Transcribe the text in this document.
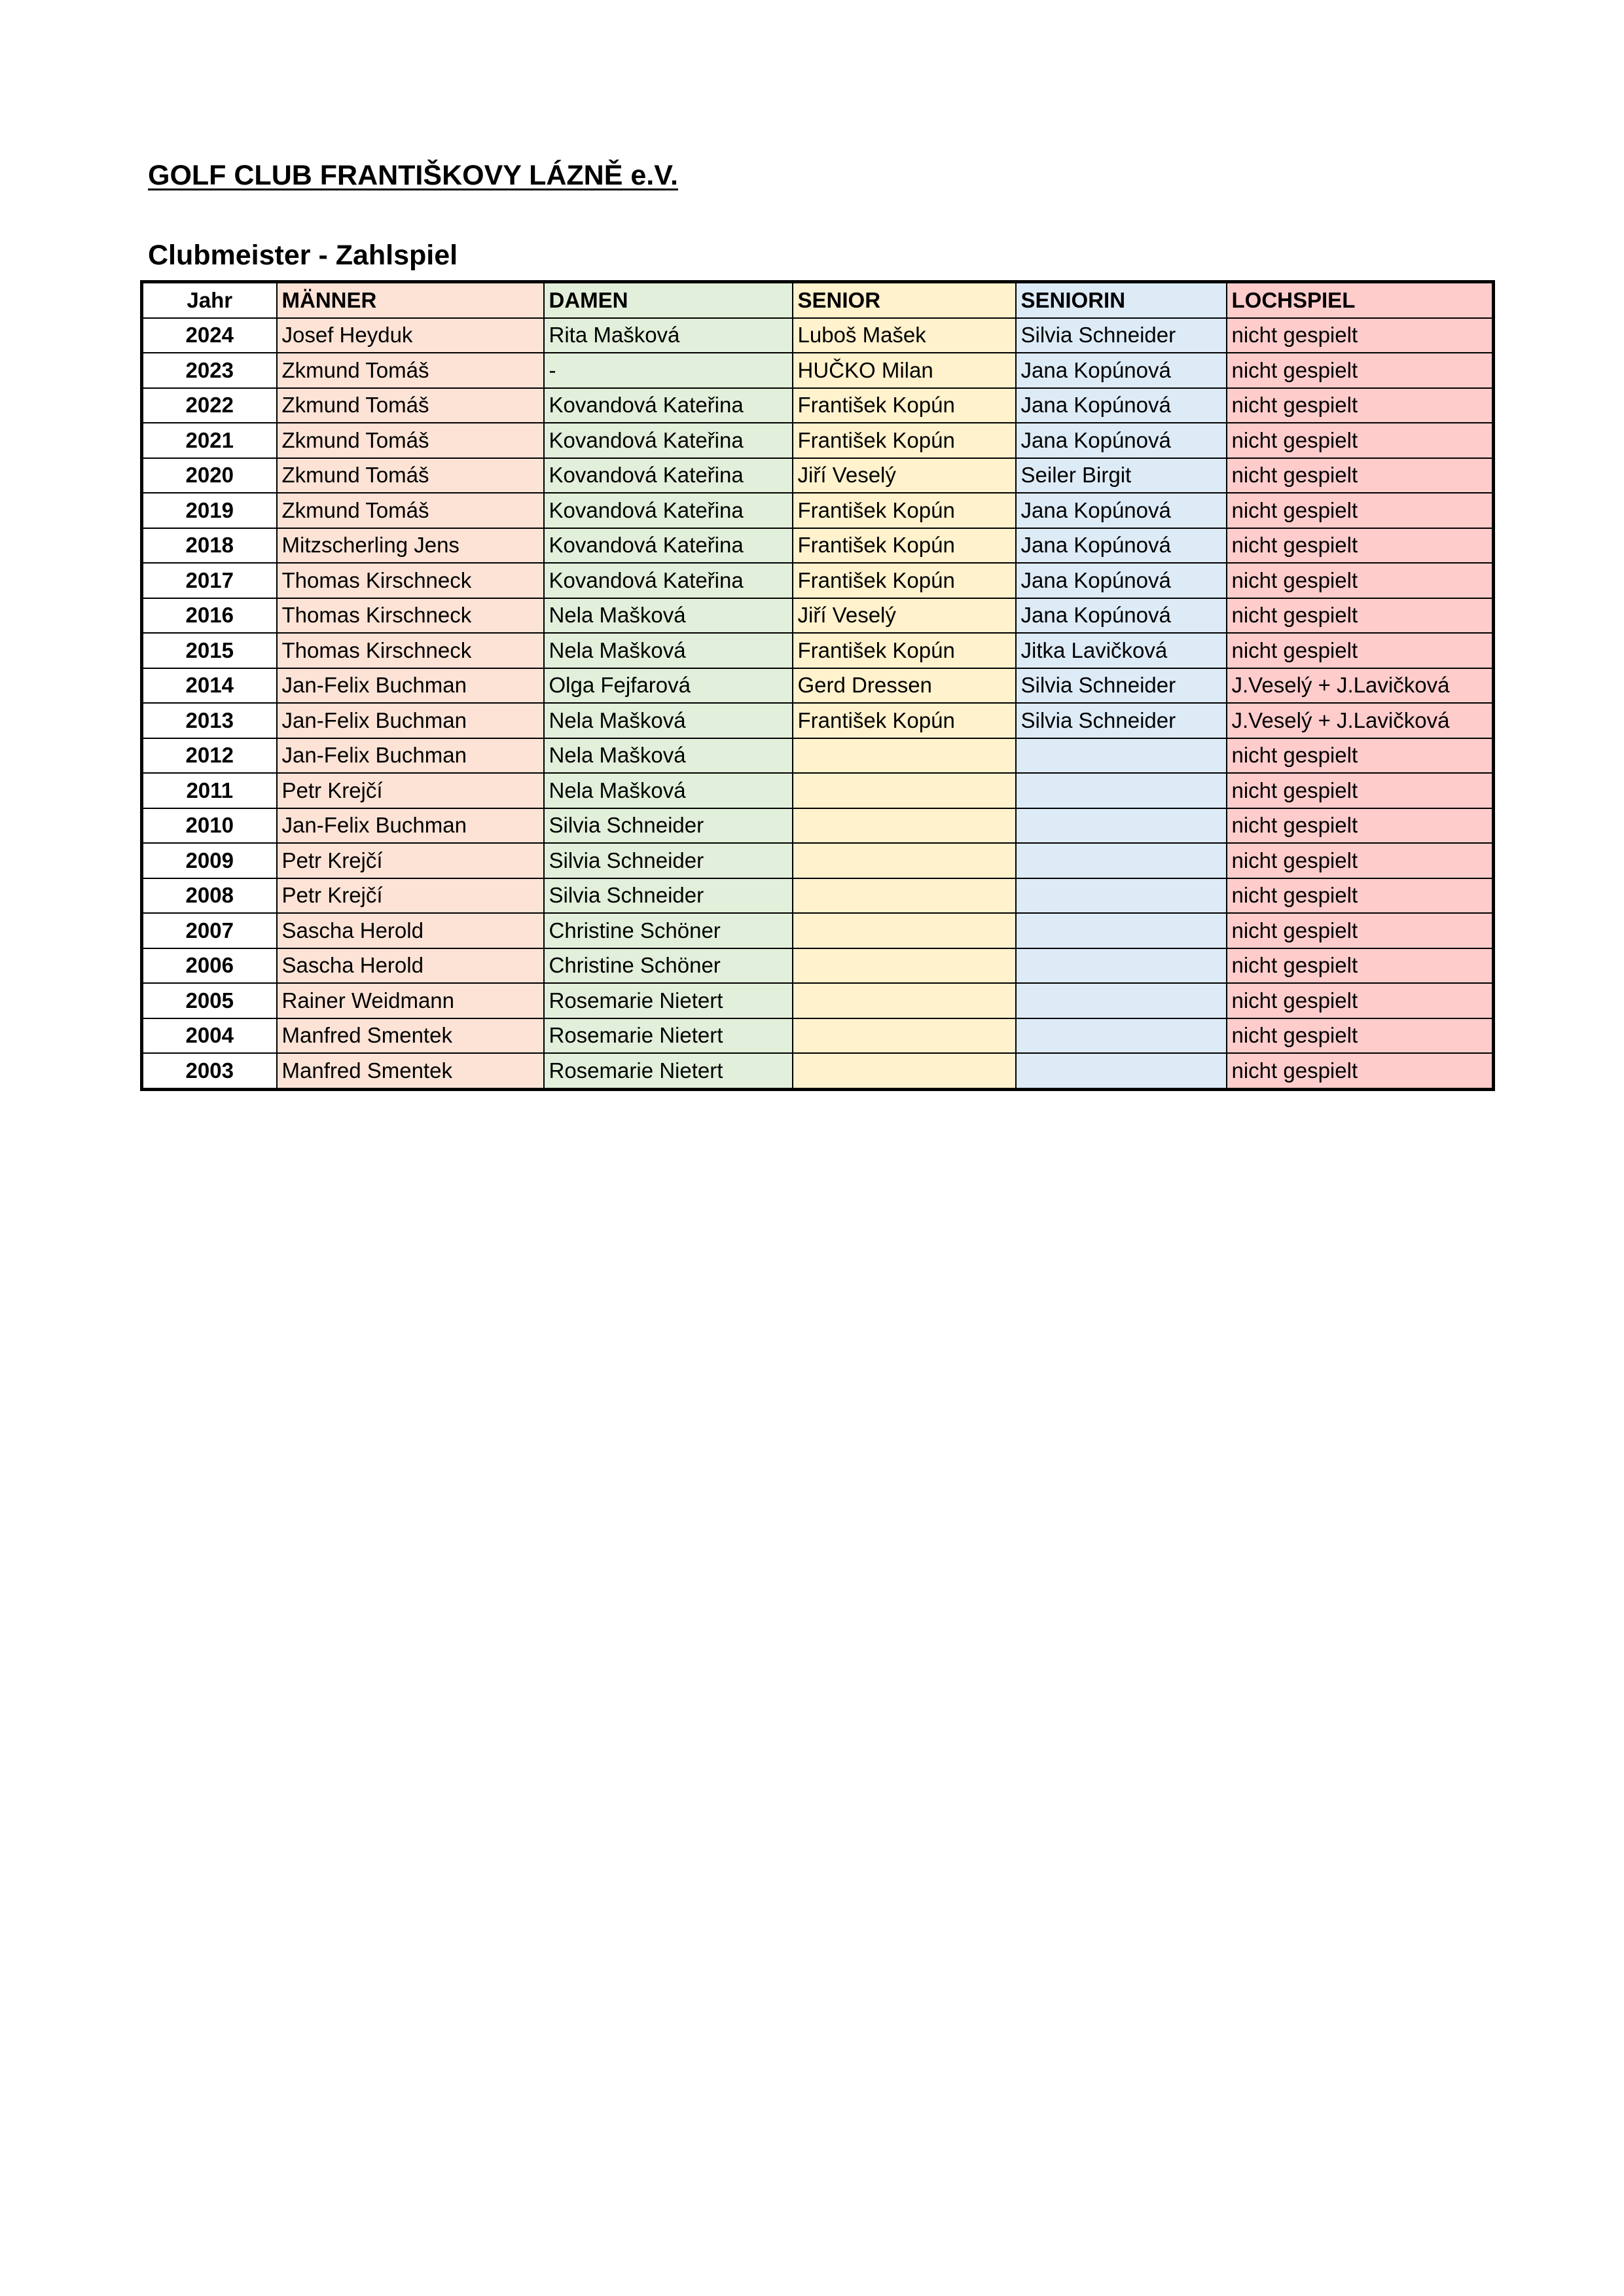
GOLF CLUB FRANTIŠKOVY LÁZNĚ e.V.
Clubmeister - Zahlspiel
Jahr	MÄNNER	DAMEN	SENIOR	SENIORIN	LOCHSPIEL
2024	Josef Heyduk	Rita Mašková	Luboš Mašek	Silvia Schneider	nicht gespielt
2023	Zkmund Tomáš	-	HUČKO Milan	Jana Kopúnová	nicht gespielt
2022	Zkmund Tomáš	Kovandová Kateřina	František Kopún	Jana Kopúnová	nicht gespielt
2021	Zkmund Tomáš	Kovandová Kateřina	František Kopún	Jana Kopúnová	nicht gespielt
2020	Zkmund Tomáš	Kovandová Kateřina	Jiří Veselý	Seiler Birgit	nicht gespielt
2019	Zkmund Tomáš	Kovandová Kateřina	František Kopún	Jana Kopúnová	nicht gespielt
2018	Mitzscherling Jens	Kovandová Kateřina	František Kopún	Jana Kopúnová	nicht gespielt
2017	Thomas Kirschneck	Kovandová Kateřina	František Kopún	Jana Kopúnová	nicht gespielt
2016	Thomas Kirschneck	Nela Mašková	Jiří Veselý	Jana Kopúnová	nicht gespielt
2015	Thomas Kirschneck	Nela Mašková	František Kopún	Jitka Lavičková	nicht gespielt
2014	Jan-Felix Buchman	Olga Fejfarová	Gerd Dressen	Silvia Schneider	J.Veselý + J.Lavičková
2013	Jan-Felix Buchman	Nela Mašková	František Kopún	Silvia Schneider	J.Veselý + J.Lavičková
2012	Jan-Felix Buchman	Nela Mašková			nicht gespielt
2011	Petr Krejčí	Nela Mašková			nicht gespielt
2010	Jan-Felix Buchman	Silvia Schneider			nicht gespielt
2009	Petr Krejčí	Silvia Schneider			nicht gespielt
2008	Petr Krejčí	Silvia Schneider			nicht gespielt
2007	Sascha Herold	Christine Schöner			nicht gespielt
2006	Sascha Herold	Christine Schöner			nicht gespielt
2005	Rainer Weidmann	Rosemarie Nietert			nicht gespielt
2004	Manfred Smentek	Rosemarie Nietert			nicht gespielt
2003	Manfred Smentek	Rosemarie Nietert			nicht gespielt
